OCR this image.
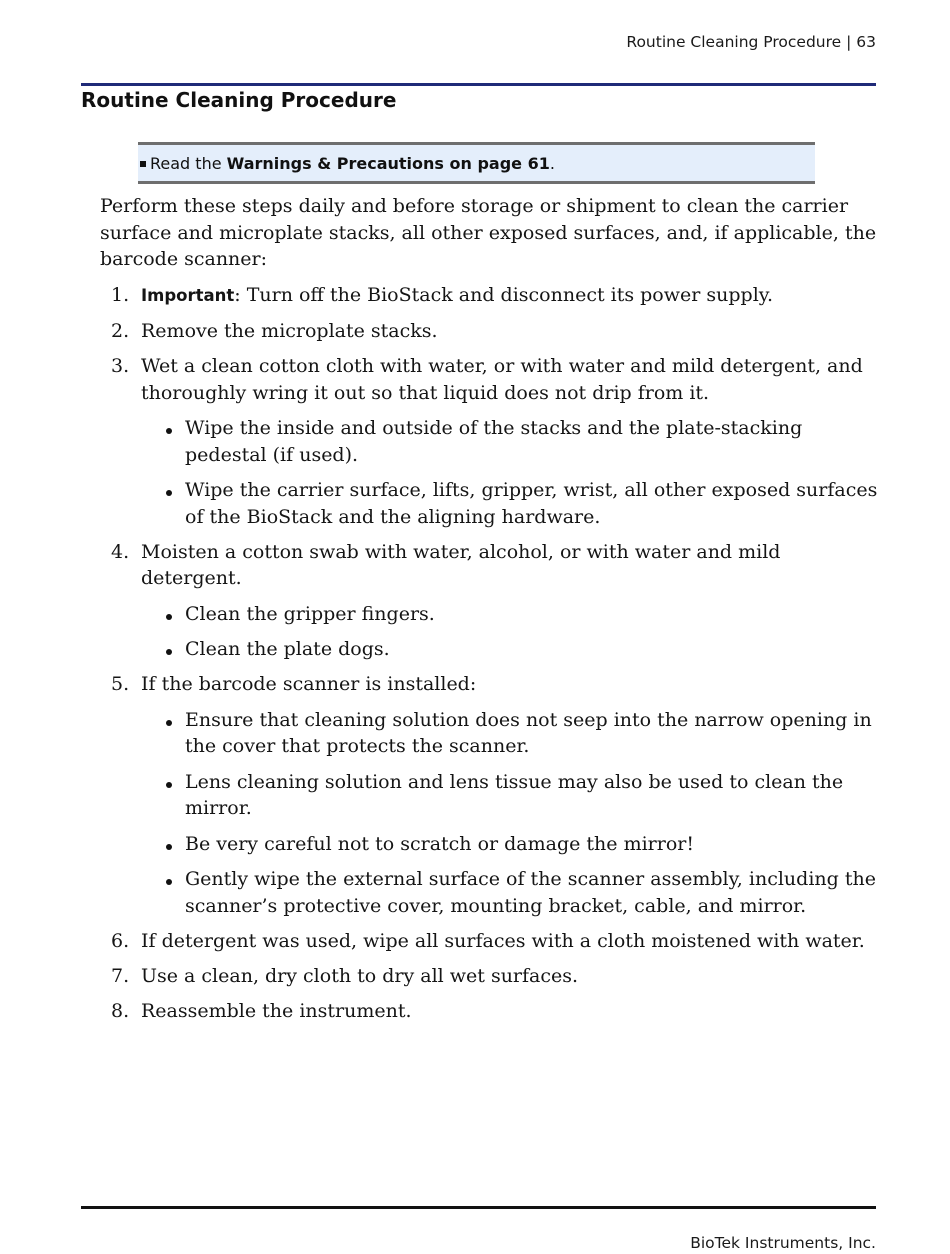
Routine Cleaning Procedure | 63
Routine Cleaning Procedure
Read the Warnings & Precautions on page 61.
Perform these steps daily and before storage or shipment to clean the carrier surface and microplate stacks, all other exposed surfaces, and, if applicable, the barcode scanner:
1. Important: Turn off the BioStack and disconnect its power supply.
2. Remove the microplate stacks.
3. Wet a clean cotton cloth with water, or with water and mild detergent, and thoroughly wring it out so that liquid does not drip from it.
Wipe the inside and outside of the stacks and the plate-stacking pedestal (if used).
Wipe the carrier surface, lifts, gripper, wrist, all other exposed surfaces of the BioStack and the aligning hardware.
4. Moisten a cotton swab with water, alcohol, or with water and mild detergent.
Clean the gripper fingers.
Clean the plate dogs.
5. If the barcode scanner is installed:
Ensure that cleaning solution does not seep into the narrow opening in the cover that protects the scanner.
Lens cleaning solution and lens tissue may also be used to clean the mirror.
Be very careful not to scratch or damage the mirror!
Gently wipe the external surface of the scanner assembly, including the scanner’s protective cover, mounting bracket, cable, and mirror.
6. If detergent was used, wipe all surfaces with a cloth moistened with water.
7. Use a clean, dry cloth to dry all wet surfaces.
8. Reassemble the instrument.
BioTek Instruments, Inc.
